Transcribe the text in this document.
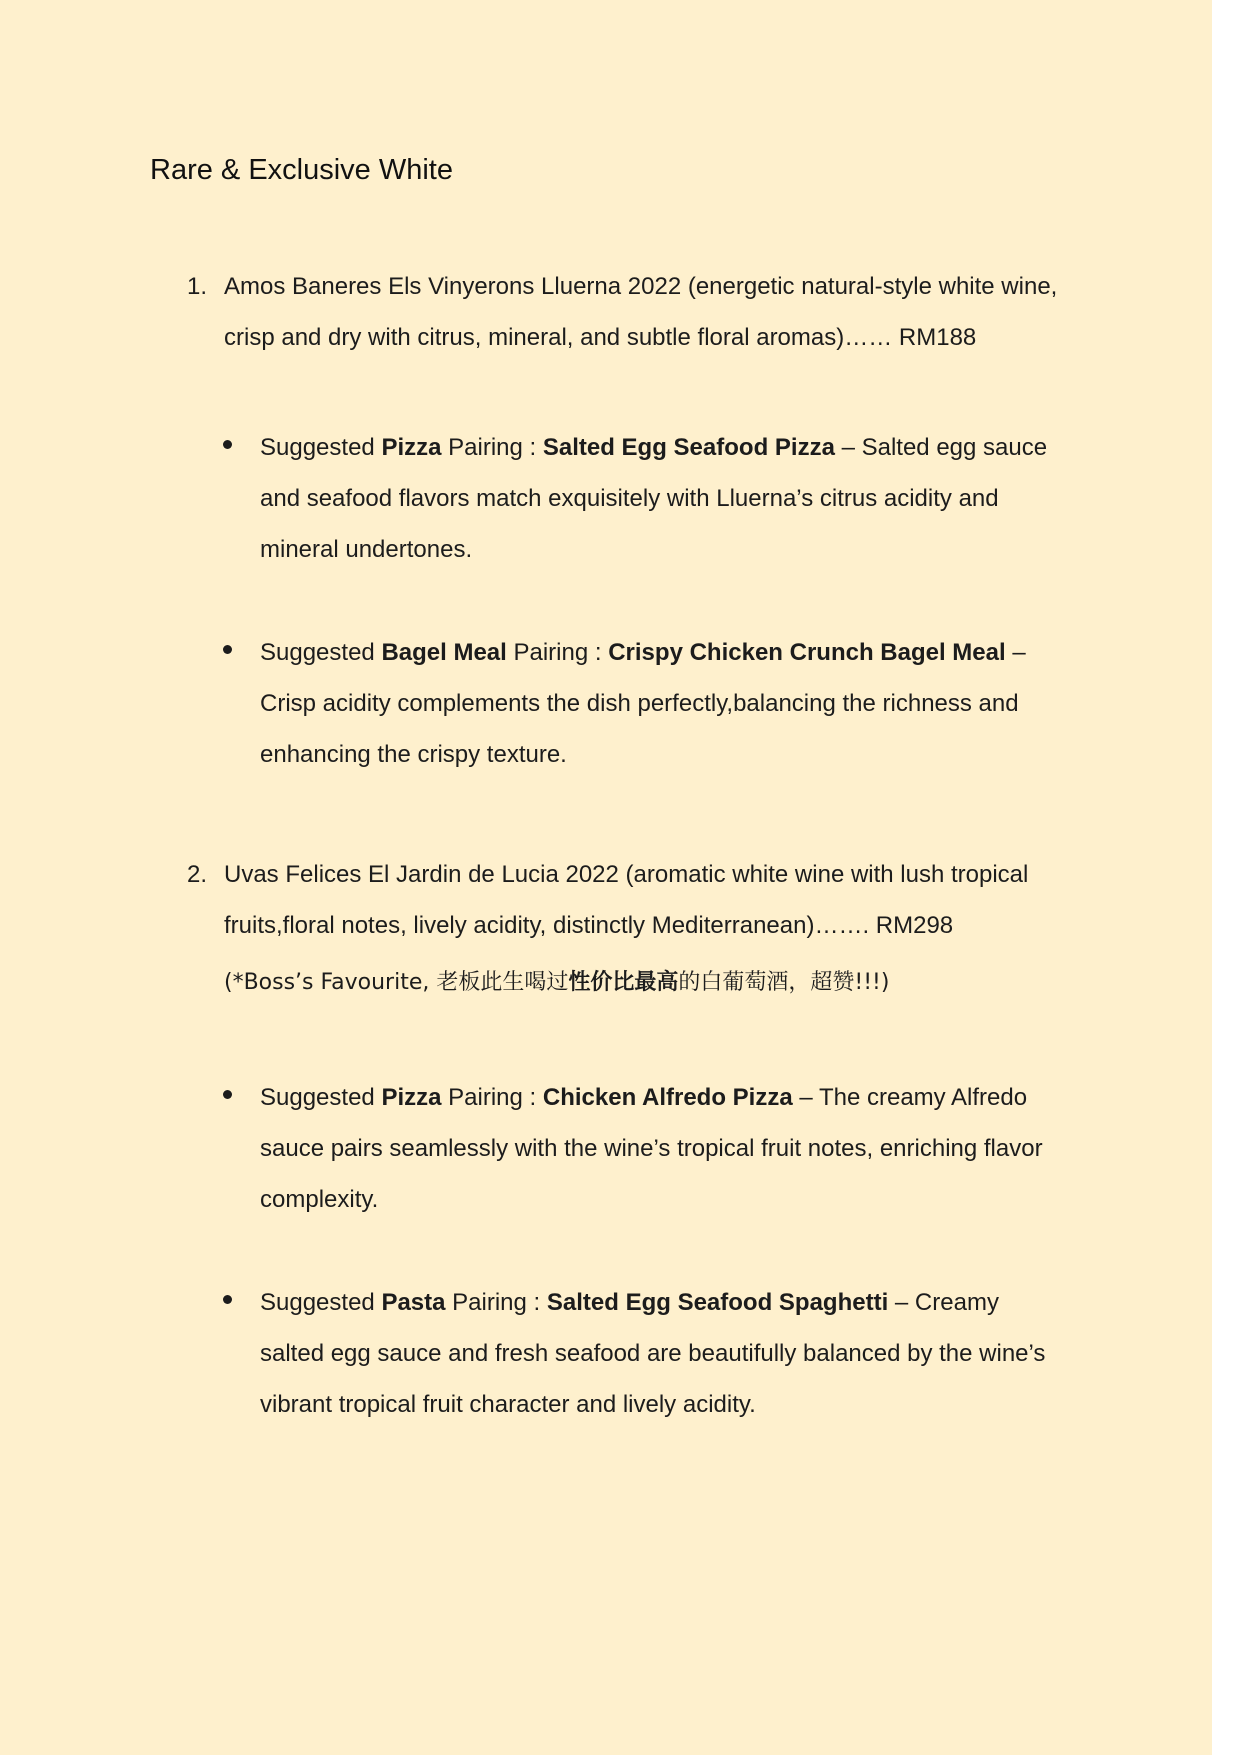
Rare & Exclusive White
1. Amos Baneres Els Vinyerons Lluerna 2022 (energetic natural-style white wine,
crisp and dry with citrus, mineral, and subtle floral aromas)…… RM188
Suggested Pizza Pairing : Salted Egg Seafood Pizza – Salted egg sauce
and seafood flavors match exquisitely with Lluerna’s citrus acidity and
mineral undertones.
Suggested Bagel Meal Pairing : Crispy Chicken Crunch Bagel Meal –
Crisp acidity complements the dish perfectly,balancing the richness and
enhancing the crispy texture.
2. Uvas Felices El Jardin de Lucia 2022 (aromatic white wine with lush tropical
fruits,floral notes, lively acidity, distinctly Mediterranean)……. RM298
(*Boss’s Favourite, 老板此生喝过性价比最高的白葡萄酒，超赞!!!)
Suggested Pizza Pairing : Chicken Alfredo Pizza – The creamy Alfredo
sauce pairs seamlessly with the wine’s tropical fruit notes, enriching flavor
complexity.
Suggested Pasta Pairing : Salted Egg Seafood Spaghetti – Creamy
salted egg sauce and fresh seafood are beautifully balanced by the wine’s
vibrant tropical fruit character and lively acidity.
